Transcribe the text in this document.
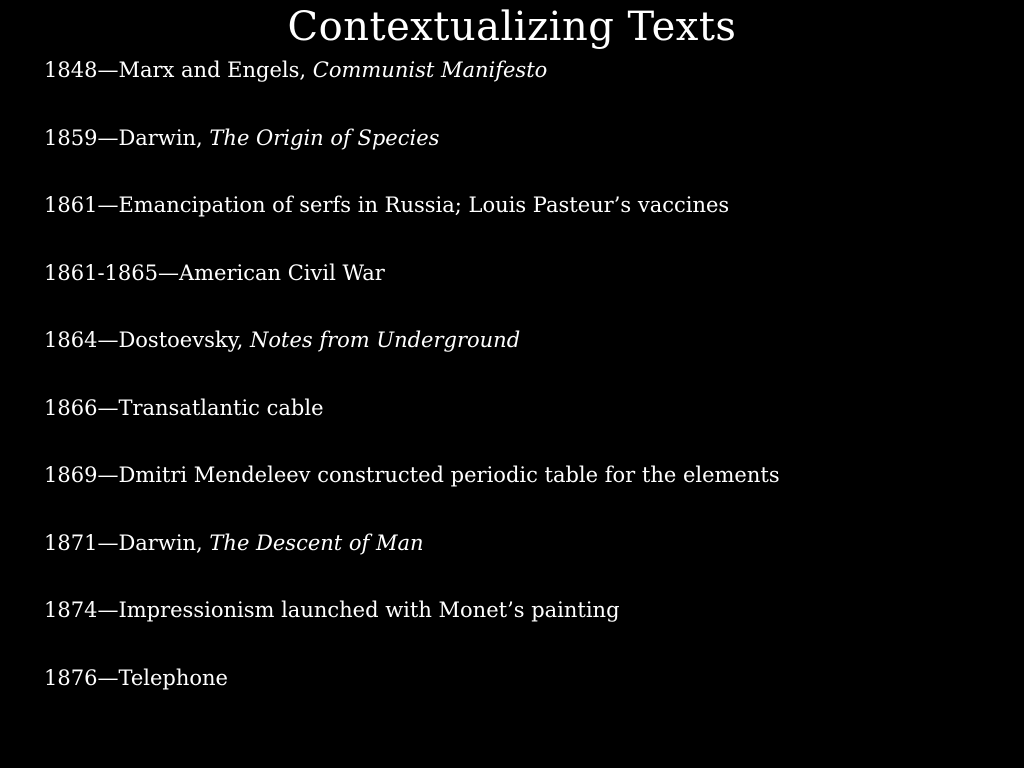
Contextualizing Texts
1848—Marx and Engels, Communist Manifesto
1859—Darwin, The Origin of Species
1861—Emancipation of serfs in Russia; Louis Pasteur’s vaccines
1861-1865—American Civil War
1864—Dostoevsky, Notes from Underground
1866—Transatlantic cable
1869—Dmitri Mendeleev constructed periodic table for the elements
1871—Darwin, The Descent of Man
1874—Impressionism launched with Monet’s painting
1876—Telephone
